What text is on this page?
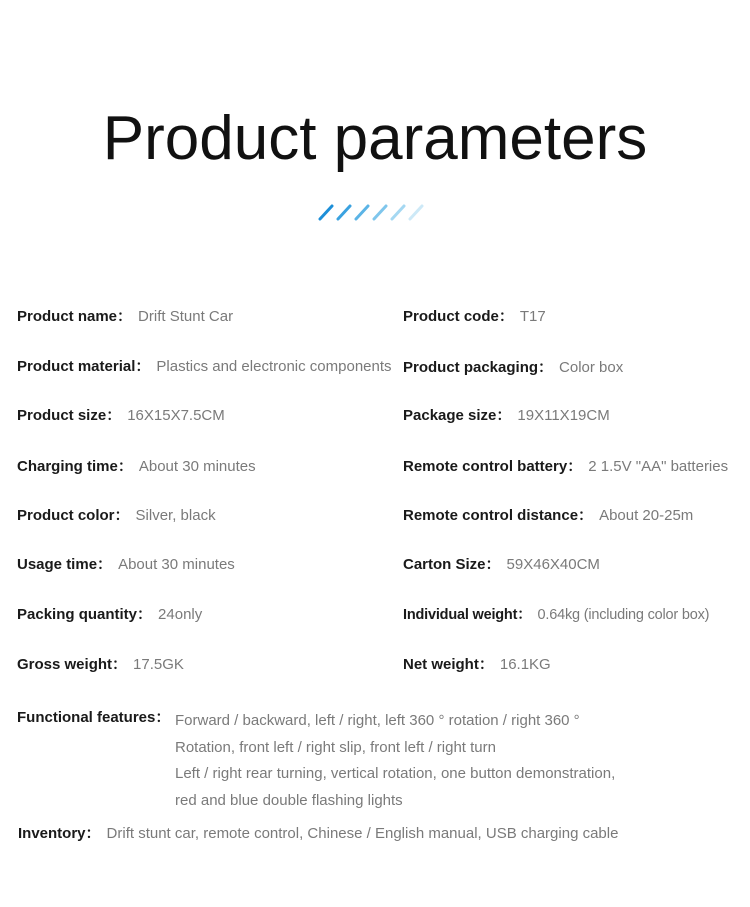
Product parameters
Product name： Drift Stunt Car
Product material： Plastics and electronic components
Product size： 16X15X7.5CM
Charging time： About 30 minutes
Product color： Silver, black
Usage time： About 30 minutes
Packing quantity： 24only
Gross weight： 17.5GK
Product code： T17
Product packaging： Color box
Package size： 19X11X19CM
Remote control battery： 2 1.5V "AA" batteries
Remote control distance： About 20-25m
Carton Size： 59X46X40CM
Individual weight： 0.64kg (including color box)
Net weight： 16.1KG
Functional features： Forward / backward, left / right, left 360 ° rotation / right 360 °
Rotation, front left / right slip, front left / right turn
Left / right rear turning, vertical rotation, one button demonstration,
red and blue double flashing lights
Inventory： Drift stunt car, remote control, Chinese / English manual, USB charging cable
